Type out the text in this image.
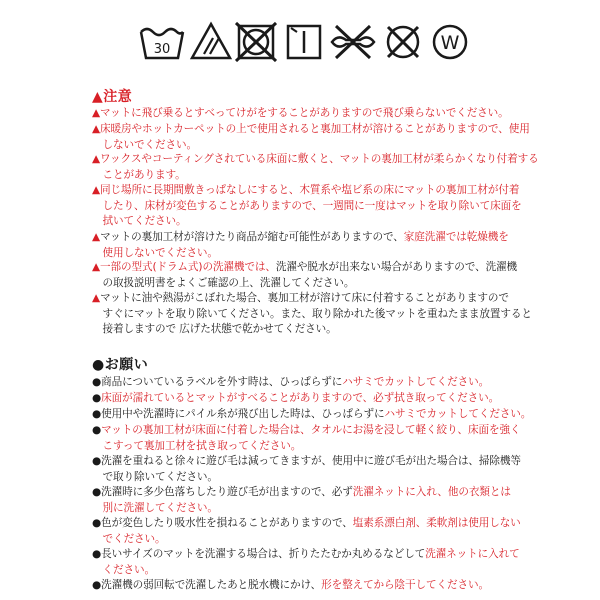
30	W
▲注意

▲マットに飛び乗るとすべってけがをすることがありますので飛び乗らないでください。

▲床暖房やホットカーペットの上で使用されると裏加工材が溶けることがありますので、使用

　しないでください。

▲ワックスやコーティングされている床面に敷くと、マットの裏加工材が柔らかくなり付着する

　ことがあります。

▲同じ場所に長期間敷きっぱなしにすると、木質系や塩ビ系の床にマットの裏加工材が付着

　したり、床材が変色することがありますので、一週間に一度はマットを取り除いて床面を

　拭いてください。

▲マットの裏加工材が溶けたり商品が縮む可能性がありますので、家庭洗濯では乾燥機を

　使用しないでください。

▲一部の型式(ドラム式)の洗濯機では、洗濯や脱水が出来ない場合がありますので、洗濯機

　の取扱説明書をよくご確認の上、洗濯してください。

▲マットに油や熱湯がこぼれた場合、裏加工材が溶けて床に付着することがありますので

　すぐにマットを取り除いてください。また、取り除かれた後マットを重ねたまま放置すると

　接着しますので 広げた状態で乾かせてください。

●お願い

●商品についているラベルを外す時は、ひっぱらずにハサミでカットしてください。

●床面が濡れているとマットがすべることがありますので、必ず拭き取ってください。

●使用中や洗濯時にパイル糸が飛び出した時は、ひっぱらずにハサミでカットしてください。

●マットの裏加工材が床面に付着した場合は、タオルにお湯を浸して軽く絞り、床面を強く

　こすって裏加工材を拭き取ってください。

●洗濯を重ねると徐々に遊び毛は減ってきますが、使用中に遊び毛が出た場合は、掃除機等

　で取り除いてください。

●洗濯時に多少色落ちしたり遊び毛が出ますので、必ず洗濯ネットに入れ、他の衣類とは

　別に洗濯してください。

●色が変色したり吸水性を損ねることがありますので、塩素系漂白剤、柔軟剤は使用しない

　でください。

●長いサイズのマットを洗濯する場合は、折りたたむか丸めるなどして洗濯ネットに入れて

　ください。

●洗濯機の弱回転で洗濯したあと脱水機にかけ、形を整えてから陰干してください。
